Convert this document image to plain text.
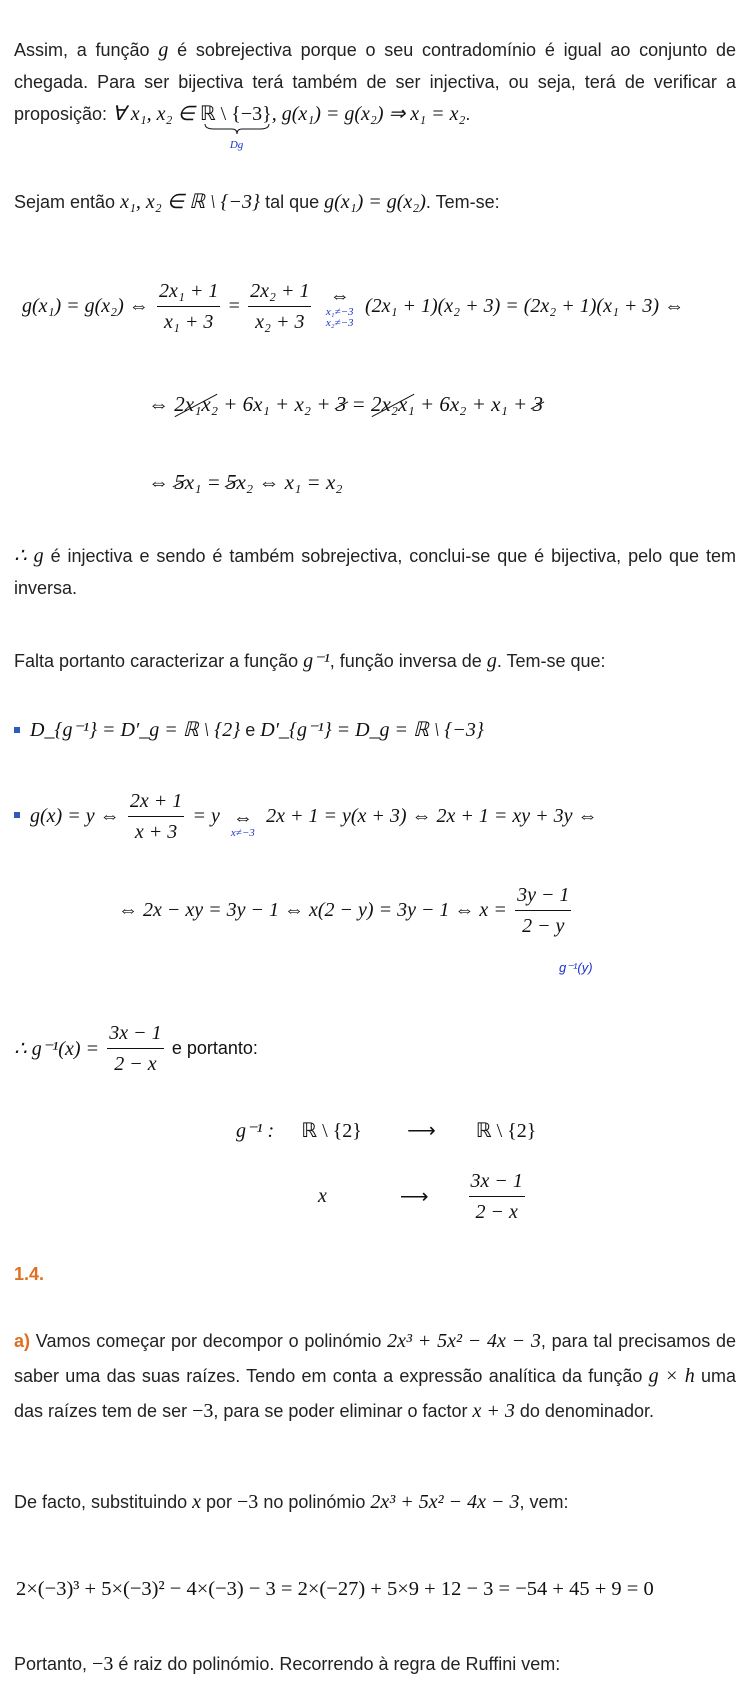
Assim, a função g é sobrejectiva porque o seu contradomínio é igual ao conjunto de chegada. Para ser bijectiva terá também de ser injectiva, ou seja, terá de verificar a proposição: ∀ x₁, x₂ ∈ ℝ \ {−3}
Dg
, g(x₁) = g(x₂) ⇒ x₁ = x₂.
Sejam então x₁, x₂ ∈ ℝ \ {−3} tal que g(x₁) = g(x₂). Tem-se:
g(x₁) = g(x₂) ⇔ $\frac{\text{2x₁ + 1}}{\text{x₁ + 3}} = \frac{\text{2x₂ + 1}}{\text{x₂ + 3}}$
⇔
x₁≠−3
x₂≠−3
(2x₁ + 1)(x₂ + 3) = (2x₂ + 1)(x₁ + 3) ⇔
⇔ 2x₁x₂ + 6x₁ + x₂ + 3 = 2x₂x₁ + 6x₂ + x₁ + 3
⇔ 5x₁ = 5x₂ ⇔ x₁ = x₂
∴ g é injectiva e sendo é também sobrejectiva, conclui-se que é bijectiva, pelo que tem inversa.
Falta portanto caracterizar a função g⁻¹, função inversa de g. Tem-se que:
D_{g⁻¹} = D′_g = ℝ \ {2} e D′_{g⁻¹} = D_g = ℝ \ {−3}
g(x) = y ⇔ $\frac{2x + 1}{x + 3} = y$ ⇔
x≠−3
2x + 1 = y(x + 3) ⇔ 2x + 1 = xy + 3y ⇔
⇔ 2x − xy = 3y − 1 ⇔ x(2 − y) = 3y − 1 ⇔ $x = \frac{3y - 1}{2 - y}$
g⁻¹(y)
∴ $g^{-1}(x) = \frac{3x - 1}{2 - x}$ e portanto:
g⁻¹ : ℝ \ {2} ⟶ ℝ \ {2}
x	⟶ $\frac{3x - 1}{2 - x}$
1.4.
a) Vamos começar por decompor o polinómio 2x³ + 5x² − 4x − 3, para tal precisamos de saber uma das suas raízes. Tendo em conta a expressão analítica da função g × h uma das raízes tem de ser −3, para se poder eliminar o factor x + 3 do denominador.
De facto, substituindo x por −3 no polinómio 2x³ + 5x² − 4x − 3, vem:
2×(−3)³ + 5×(−3)² − 4×(−3) − 3 = 2×(−27) + 5×9 + 12 − 3 = −54 + 45 + 9 = 0
Portanto, −3 é raiz do polinómio. Recorrendo à regra de Ruffini vem:
